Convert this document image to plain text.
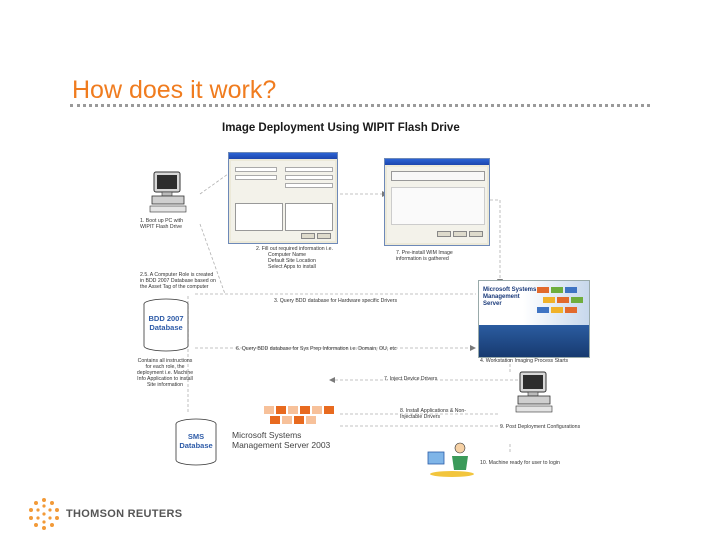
How does it work?
Image Deployment Using WIPIT Flash Drive
1. Boot up PC with WIPIT Flash Drive
2. Fill out required information i.e.
Computer Name
Default Site Location
Select Apps to install
7. Pre-install WIM Image information is gathered
2.5. A Computer Role is created in BDD 2007 Database based on the Asset Tag of the computer
BDD 2007 Database
Contains all instructions for each role, the deployment i.e. Machine Info Application to install Site information
3. Query BDD database for Hardware specific Drivers
Microsoft Systems Management Server
6. Query BDD database for Sys Prep Information i.e. Domain, OU, etc
4. Workstation Imaging Process Starts
7. Inject Device Drivers
Microsoft Systems Management Server 2003
SMS Database
8. Install Applications & Non-Injectable Drivers
9. Post Deployment Configurations
10. Machine ready for user to login
THOMSON REUTERS
